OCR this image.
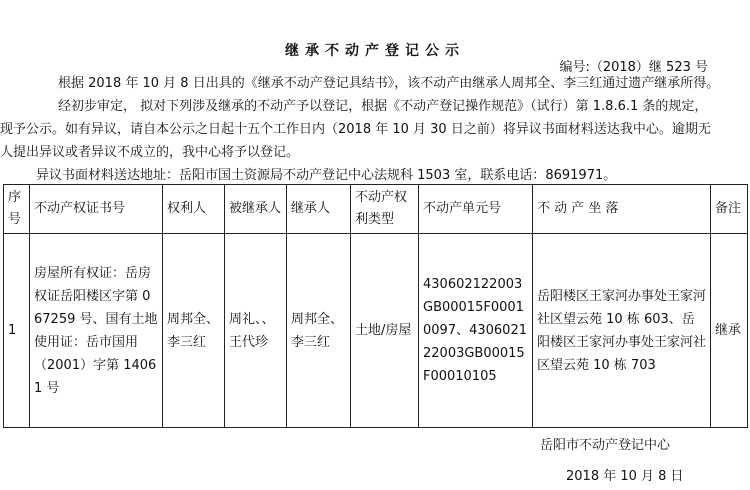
继承不动产登记公示
编号:（2018）继 523 号
根据 2018 年 10 月 8 日出具的《继承不动产登记具结书》，该不动产由继承人周邦全、李三红通过遗产继承所得。
经初步审定， 拟对下列涉及继承的不动产予以登记，根据《不动产登记操作规范》（试行）第 1.8.6.1 条的规定，现予公示。如有异议，请自本公示之日起十五个工作日内（2018 年 10 月 30 日之前）将异议书面材料送达我中心。逾期无人提出异议或者异议不成立的，我中心将予以登记。
异议书面材料送达地址：岳阳市国土资源局不动产登记中心法规科 1503 室，联系电话：8691971。
序号	不动产权证书号	权利人	被继承人	继承人	不动产权利类型	不动产单元号	不 动 产 坐 落	备注
1	房屋所有权证：岳房权证岳阳楼区字第 067259 号、国有土地使用证：岳市国用（2001）字第 14061 号	周邦全、李三红	周礼、、王代珍	周邦全、李三红	土地/房屋	430602122003GB00015F00010097、430602122003GB00015F00010105	岳阳楼区王家河办事处王家河社区望云苑 10 栋 603、岳阳楼区王家河办事处王家河社区望云苑 10 栋 703	继承
岳阳市不动产登记中心
2018 年 10 月 8 日
